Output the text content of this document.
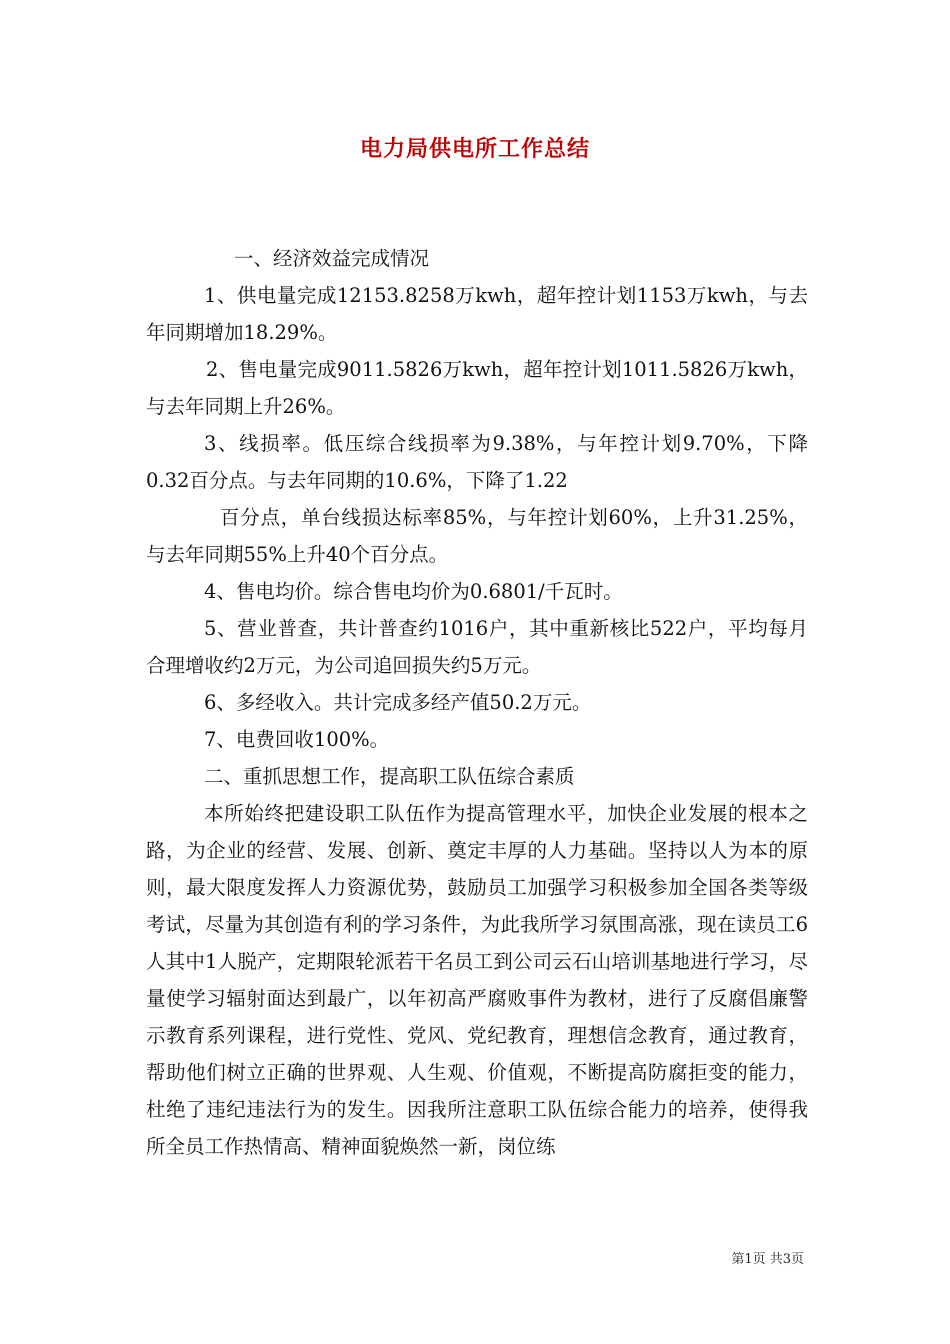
电力局供电所工作总结

一、经济效益完成情况

1、供电量完成12153.8258万kwh，超年控计划1153万kwh，与去年同期增加18.29%。

2、售电量完成9011.5826万kwh，超年控计划1011.5826万kwh，与去年同期上升26%。

3、线损率。低压综合线损率为9.38%，与年控计划9.70%，下降0.32百分点。与去年同期的10.6%，下降了1.22

百分点，单台线损达标率85%，与年控计划60%，上升31.25%，与去年同期55%上升40个百分点。

4、售电均价。综合售电均价为0.6801/千瓦时。

5、营业普查，共计普查约1016户，其中重新核比522户，平均每月合理增收约2万元，为公司追回损失约5万元。

6、多经收入。共计完成多经产值50.2万元。

7、电费回收100%。

二、重抓思想工作，提高职工队伍综合素质

本所始终把建设职工队伍作为提高管理水平，加快企业发展的根本之路，为企业的经营、发展、创新、奠定丰厚的人力基础。坚持以人为本的原则，最大限度发挥人力资源优势，鼓励员工加强学习积极参加全国各类等级考试，尽量为其创造有利的学习条件，为此我所学习氛围高涨，现在读员工6人其中1人脱产，定期限轮派若干名员工到公司云石山培训基地进行学习，尽量使学习辐射面达到最广，以年初高严腐败事件为教材，进行了反腐倡廉警示教育系列课程，进行党性、党风、党纪教育，理想信念教育，通过教育，帮助他们树立正确的世界观、人生观、价值观，不断提高防腐拒变的能力，杜绝了违纪违法行为的发生。因我所注意职工队伍综合能力的培养，使得我所全员工作热情高、精神面貌焕然一新，岗位练

第1页 共3页
